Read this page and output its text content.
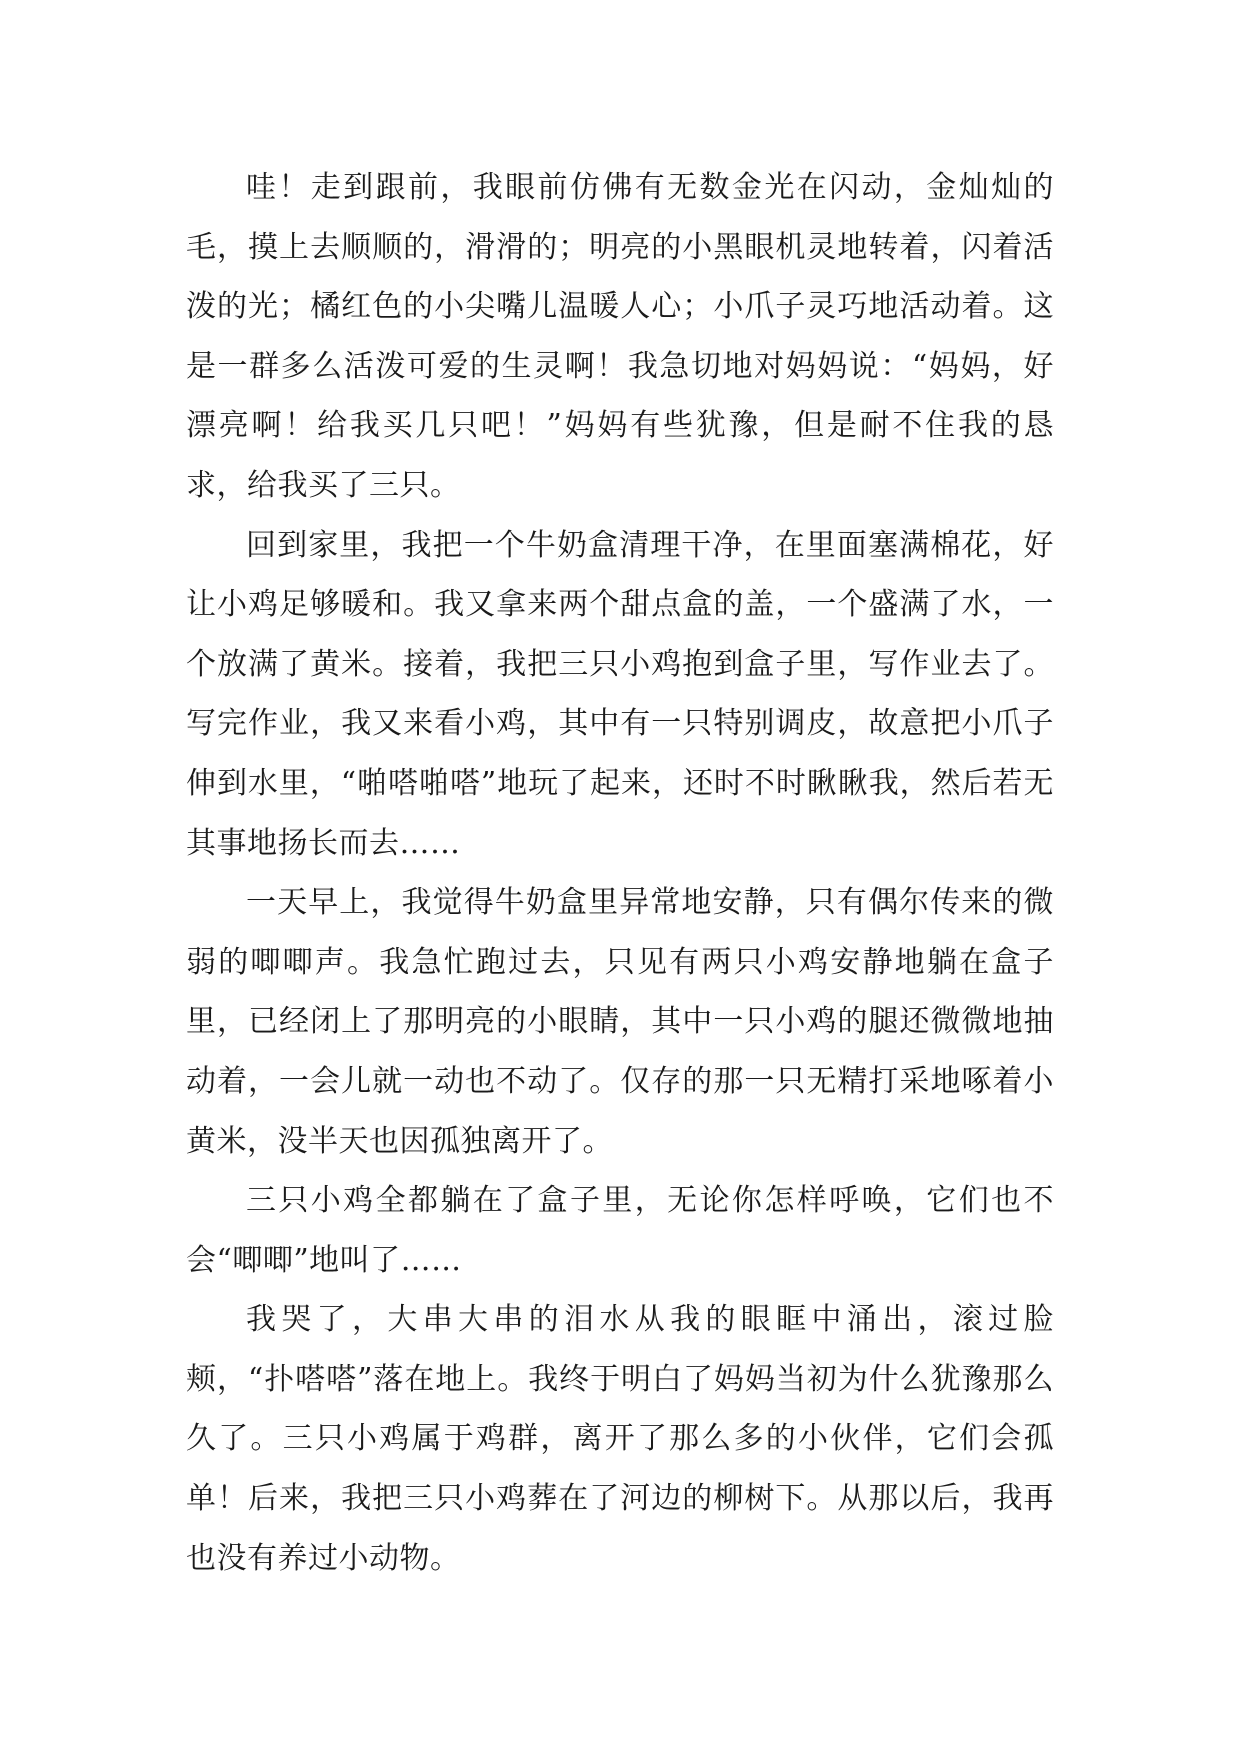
哇！走到跟前，我眼前仿佛有无数金光在闪动，金灿灿的毛，摸上去顺顺的，滑滑的；明亮的小黑眼机灵地转着，闪着活泼的光；橘红色的小尖嘴儿温暖人心；小爪子灵巧地活动着。这是一群多么活泼可爱的生灵啊！我急切地对妈妈说：“妈妈，好漂亮啊！给我买几只吧！”妈妈有些犹豫，但是耐不住我的恳求，给我买了三只。

回到家里，我把一个牛奶盒清理干净，在里面塞满棉花，好让小鸡足够暖和。我又拿来两个甜点盒的盖，一个盛满了水，一个放满了黄米。接着，我把三只小鸡抱到盒子里，写作业去了。写完作业，我又来看小鸡，其中有一只特别调皮，故意把小爪子伸到水里，“啪嗒啪嗒”地玩了起来，还时不时瞅瞅我，然后若无其事地扬长而去……

一天早上，我觉得牛奶盒里异常地安静，只有偶尔传来的微弱的唧唧声。我急忙跑过去，只见有两只小鸡安静地躺在盒子里，已经闭上了那明亮的小眼睛，其中一只小鸡的腿还微微地抽动着，一会儿就一动也不动了。仅存的那一只无精打采地啄着小黄米，没半天也因孤独离开了。

三只小鸡全都躺在了盒子里，无论你怎样呼唤，它们也不会“唧唧”地叫了……

我哭了，大串大串的泪水从我的眼眶中涌出，滚过脸颊，“扑嗒嗒”落在地上。我终于明白了妈妈当初为什么犹豫那么久了。三只小鸡属于鸡群，离开了那么多的小伙伴，它们会孤单！后来，我把三只小鸡葬在了河边的柳树下。从那以后，我再也没有养过小动物。
